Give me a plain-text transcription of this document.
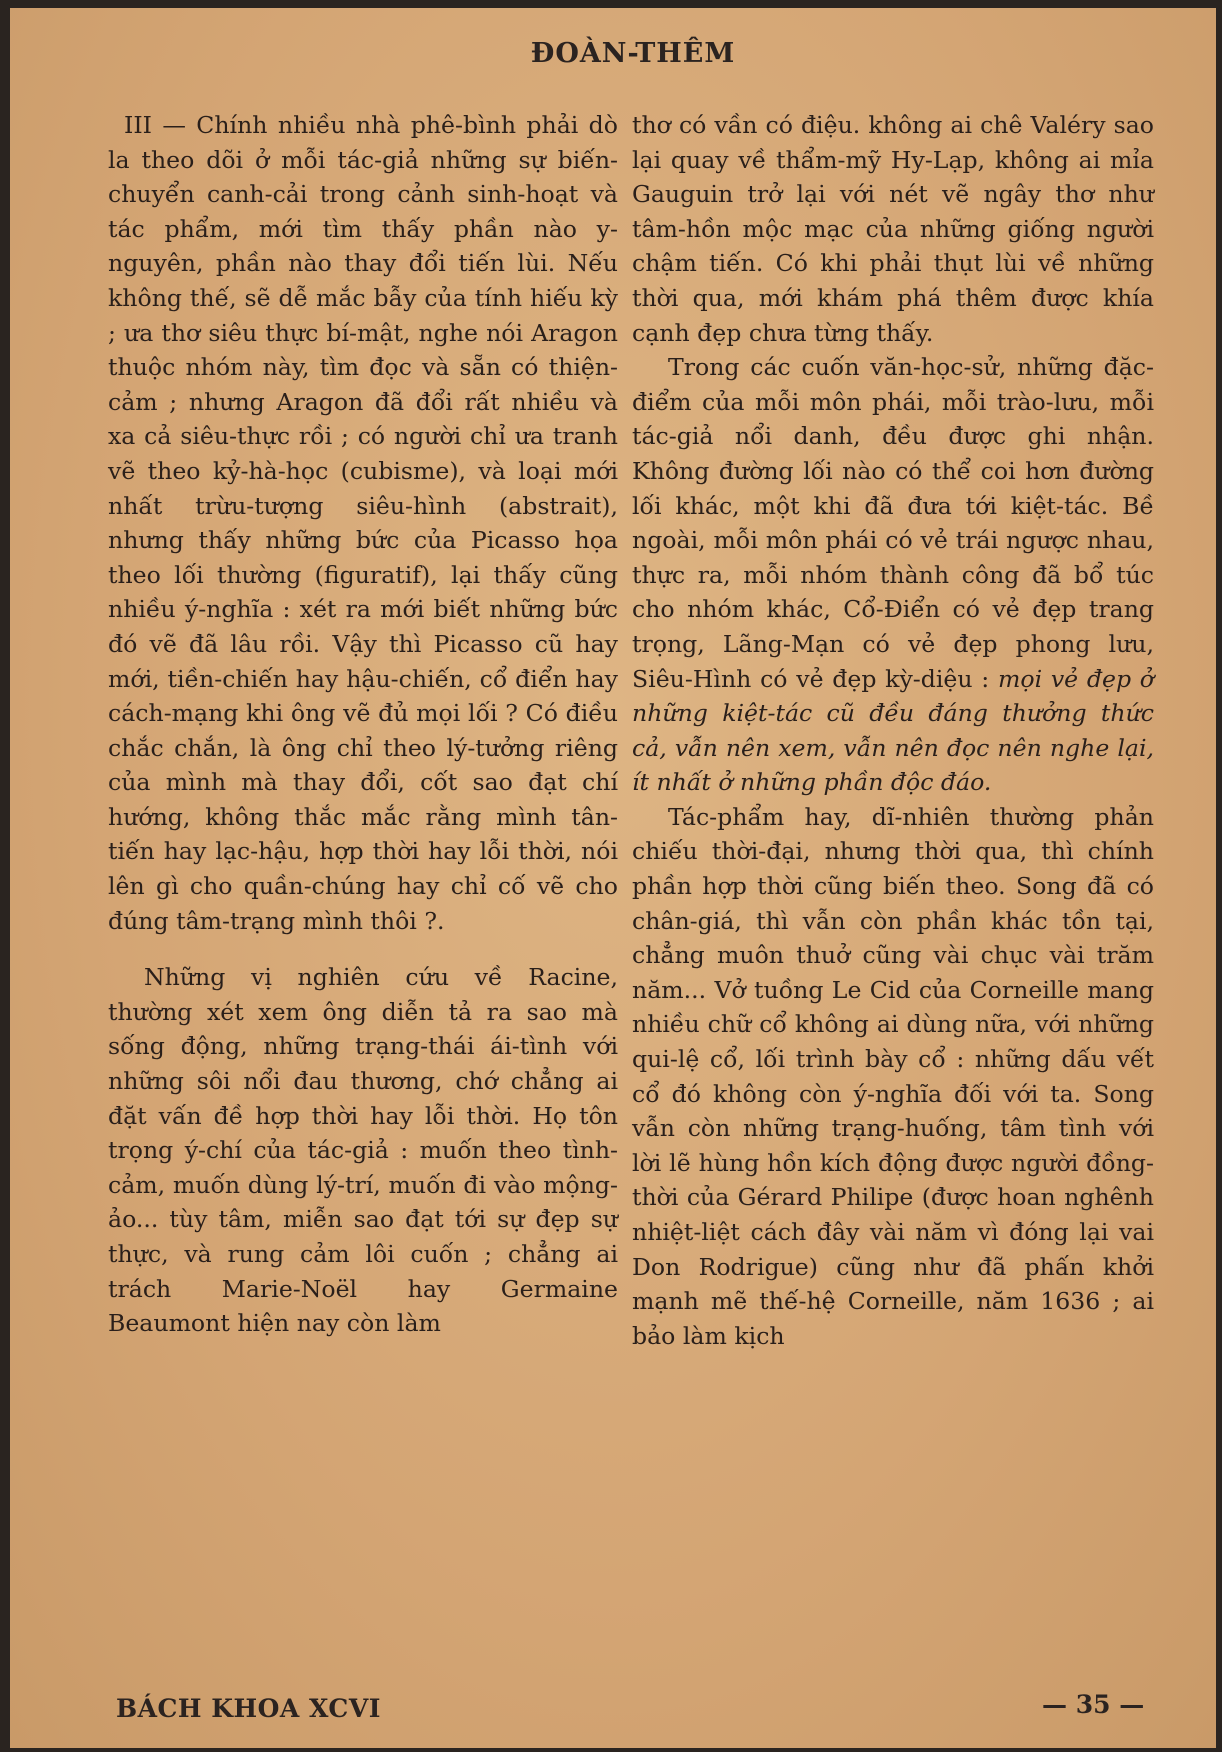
ĐOÀN-THÊM

III — Chính nhiều nhà phê-bình phải dò la theo dõi ở mỗi tác-giả những sự biến-chuyển canh-cải trong cảnh sinh-hoạt và tác phẩm, mới tìm thấy phần nào y-nguyên, phần nào thay đổi tiến lùi. Nếu không thế, sẽ dễ mắc bẫy của tính hiếu kỳ ; ưa thơ siêu thực bí-mật, nghe nói Aragon thuộc nhóm này, tìm đọc và sẵn có thiện-cảm ; nhưng Aragon đã đổi rất nhiều và xa cả siêu-thực rồi ; có người chỉ ưa tranh vẽ theo kỷ-hà-học (cubisme), và loại mới nhất trừu-tượng siêu-hình (abstrait), nhưng thấy những bức của Picasso họa theo lối thường (figuratif), lại thấy cũng nhiều ý-nghĩa : xét ra mới biết những bức đó vẽ đã lâu rồi. Vậy thì Picasso cũ hay mới, tiền-chiến hay hậu-chiến, cổ điển hay cách-mạng khi ông vẽ đủ mọi lối ? Có điều chắc chắn, là ông chỉ theo lý-tưởng riêng của mình mà thay đổi, cốt sao đạt chí hướng, không thắc mắc rằng mình tân-tiến hay lạc-hậu, hợp thời hay lỗi thời, nói lên gì cho quần-chúng hay chỉ cố vẽ cho đúng tâm-trạng mình thôi ?.

Những vị nghiên cứu về Racine, thường xét xem ông diễn tả ra sao mà sống động, những trạng-thái ái-tình với những sôi nổi đau thương, chớ chẳng ai đặt vấn đề hợp thời hay lỗi thời. Họ tôn trọng ý-chí của tác-giả : muốn theo tình-cảm, muốn dùng lý-trí, muốn đi vào mộng-ảo... tùy tâm, miễn sao đạt tới sự đẹp sự thực, và rung cảm lôi cuốn ; chẳng ai trách Marie-Noël hay Germaine Beaumont hiện nay còn làm

thơ có vần có điệu. không ai chê Valéry sao lại quay về thẩm-mỹ Hy-Lạp, không ai mỉa Gauguin trở lại với nét vẽ ngây thơ như tâm-hồn mộc mạc của những giống người chậm tiến. Có khi phải thụt lùi về những thời qua, mới khám phá thêm được khía cạnh đẹp chưa từng thấy.

Trong các cuốn văn-học-sử, những đặc-điểm của mỗi môn phái, mỗi trào-lưu, mỗi tác-giả nổi danh, đều được ghi nhận. Không đường lối nào có thể coi hơn đường lối khác, một khi đã đưa tới kiệt-tác. Bề ngoài, mỗi môn phái có vẻ trái ngược nhau, thực ra, mỗi nhóm thành công đã bổ túc cho nhóm khác, Cổ-Điển có vẻ đẹp trang trọng, Lãng-Mạn có vẻ đẹp phong lưu, Siêu-Hình có vẻ đẹp kỳ-diệu : mọi vẻ đẹp ở những kiệt-tác cũ đều đáng thưởng thức cả, vẫn nên xem, vẫn nên đọc nên nghe lại, ít nhất ở những phần độc đáo.

Tác-phẩm hay, dĩ-nhiên thường phản chiếu thời-đại, nhưng thời qua, thì chính phần hợp thời cũng biến theo. Song đã có chân-giá, thì vẫn còn phần khác tồn tại, chẳng muôn thuở cũng vài chục vài trăm năm... Vở tuồng Le Cid của Corneille mang nhiều chữ cổ không ai dùng nữa, với những qui-lệ cổ, lối trình bày cổ : những dấu vết cổ đó không còn ý-nghĩa đối với ta. Song vẫn còn những trạng-huống, tâm tình với lời lẽ hùng hồn kích động được người đồng-thời của Gérard Philipe (được hoan nghênh nhiệt-liệt cách đây vài năm vì đóng lại vai Don Rodrigue) cũng như đã phấn khởi mạnh mẽ thế-hệ Corneille, năm 1636 ; ai bảo làm kịch

BÁCH KHOA XCVI	— 35 —
